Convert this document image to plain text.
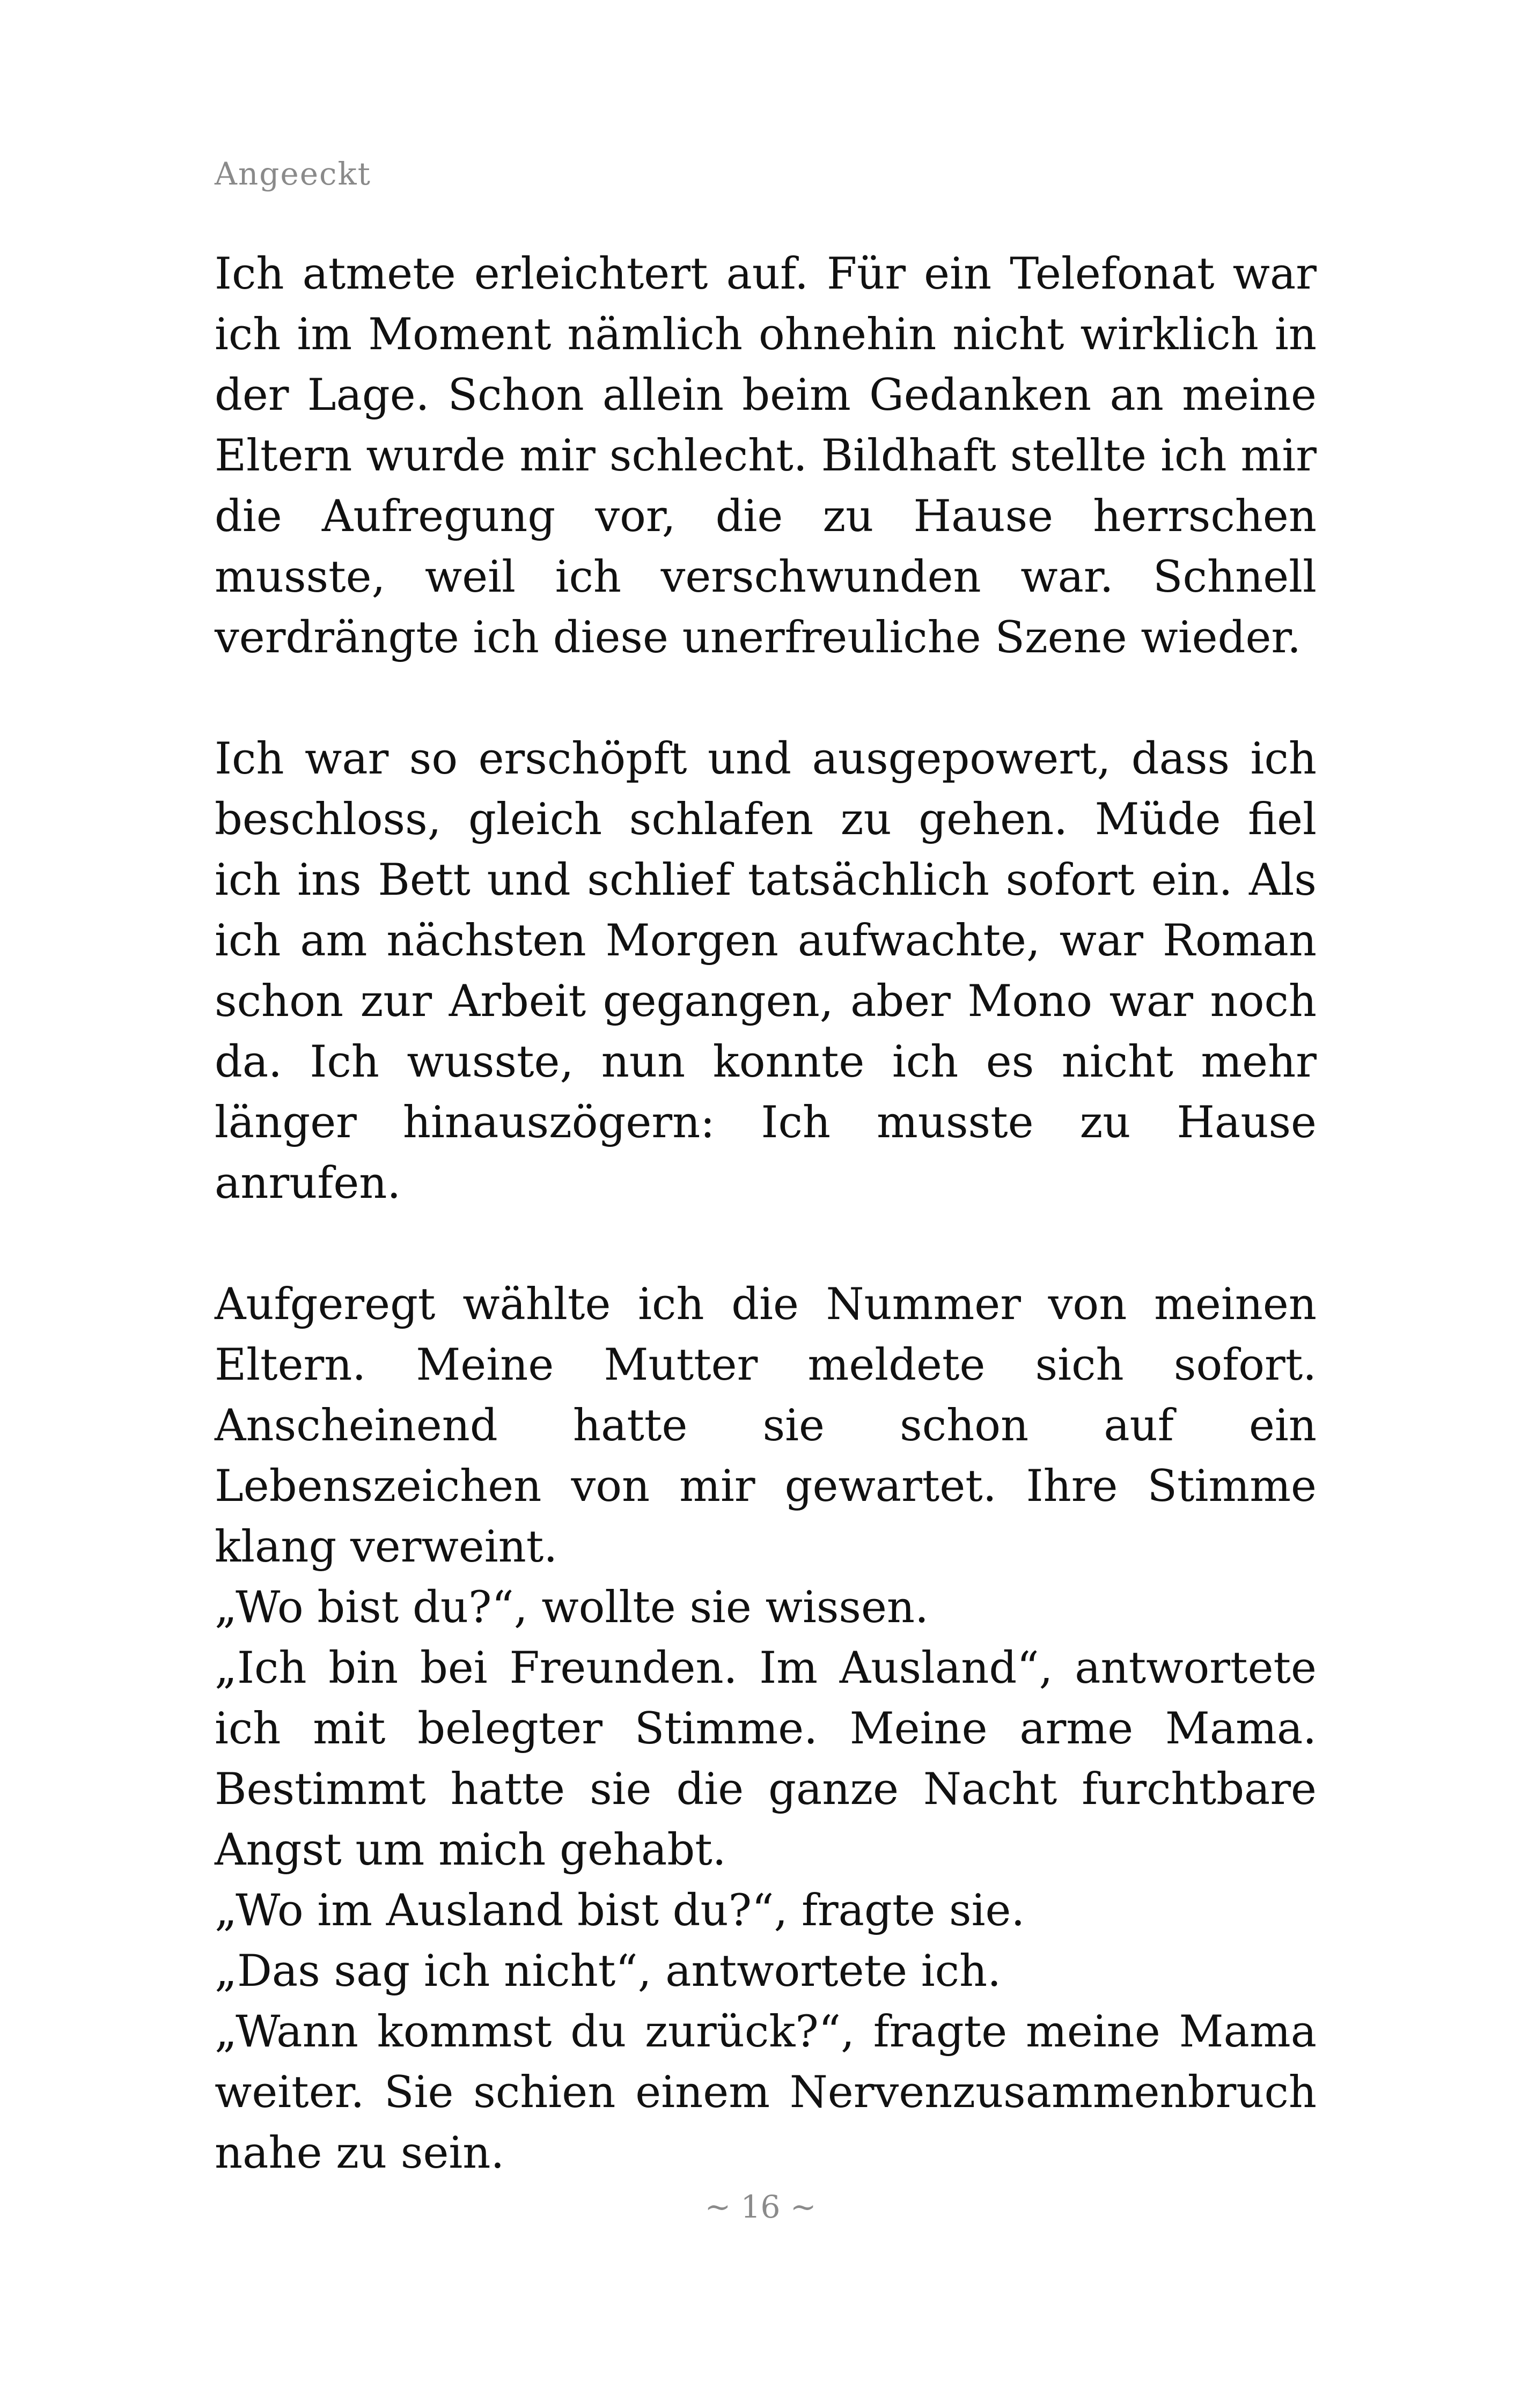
Angeeckt

Ich atmete erleichtert auf. Für ein Telefonat war ich im Moment nämlich ohnehin nicht wirklich in der Lage. Schon allein beim Gedanken an meine Eltern wurde mir schlecht. Bildhaft stellte ich mir die Aufregung vor, die zu Hause herrschen musste, weil ich verschwunden war. Schnell verdrängte ich diese unerfreuliche Szene wieder.

Ich war so erschöpft und ausgepowert, dass ich beschloss, gleich schlafen zu gehen. Müde fiel ich ins Bett und schlief tatsächlich sofort ein. Als ich am nächsten Morgen aufwachte, war Roman schon zur Arbeit gegangen, aber Mono war noch da. Ich wusste, nun konnte ich es nicht mehr länger hinauszögern: Ich musste zu Hause anrufen.

Aufgeregt wählte ich die Nummer von meinen Eltern. Meine Mutter meldete sich sofort. Anscheinend hatte sie schon auf ein Lebenszeichen von mir gewartet. Ihre Stimme klang verweint.

„Wo bist du?“, wollte sie wissen.

„Ich bin bei Freunden. Im Ausland“, antwortete ich mit belegter Stimme. Meine arme Mama. Bestimmt hatte sie die ganze Nacht furchtbare Angst um mich gehabt.

„Wo im Ausland bist du?“, fragte sie.

„Das sag ich nicht“, antwortete ich.

„Wann kommst du zurück?“, fragte meine Mama weiter. Sie schien einem Nervenzusammenbruch nahe zu sein.

~ 16 ~
